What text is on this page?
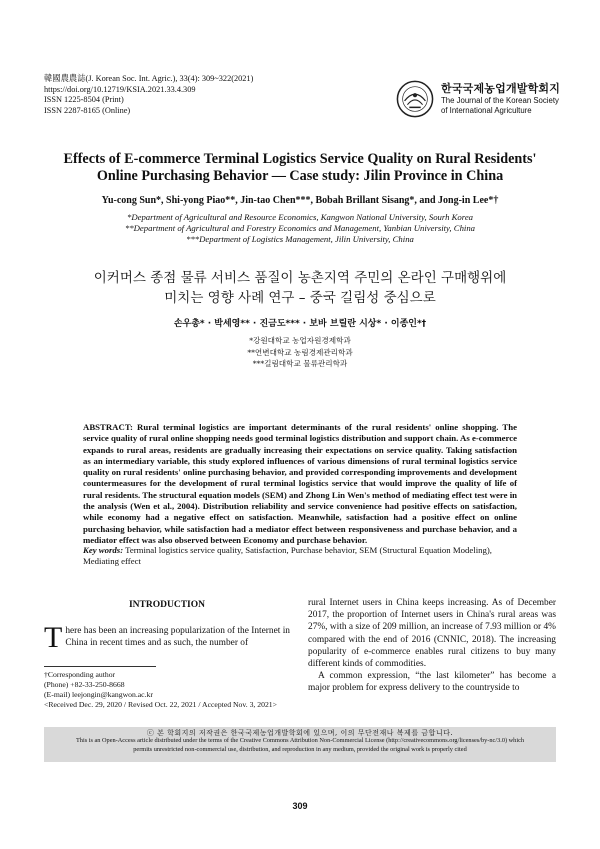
韓國農農誌(J. Korean Soc. Int. Agric.), 33(4): 309~322(2021)
https://doi.org/10.12719/KSIA.2021.33.4.309
ISSN 1225-8504 (Print)
ISSN 2287-8165 (Online)
한국국제농업개발학회지
The Journal of the Korean Society
of International Agriculture
Effects of E-commerce Terminal Logistics Service Quality on Rural Residents'
Online Purchasing Behavior — Case study: Jilin Province in China
Yu-cong Sun*, Shi-yong Piao**, Jin-tao Chen***, Bobah Brillant Sisang*, and Jong-in Lee*†
*Department of Agricultural and Resource Economics, Kangwon National University, Sourh Korea
**Department of Agricultural and Forestry Economics and Management, Yanbian University, China
***Department of Logistics Management, Jilin University, China
이커머스 종점 물류 서비스 품질이 농촌지역 주민의 온라인 구매행위에
미치는 영향 사례 연구 – 중국 길림성 중심으로
손우총* · 박세영** · 진금도*** · 보바 브릴란 시상* · 이종인*†
*강원대학교 농업자원경제학과
**연변대학교 농림경제관리학과
***길림대학교 물류관리학과
ABSTRACT: Rural terminal logistics are important determinants of the rural residents' online shopping. The service quality of rural online shopping needs good terminal logistics distribution and support chain. As e-commerce expands to rural areas, residents are gradually increasing their expectations on service quality. Taking satisfaction as an intermediary variable, this study explored influences of various dimensions of rural terminal logistics service quality on rural residents' online purchasing behavior, and provided corresponding improvements and development countermeasures for the development of rural terminal logistics service that would improve the quality of life of rural residents. The structural equation models (SEM) and Zhong Lin Wen's method of mediating effect test were in the analysis (Wen et al., 2004). Distribution reliability and service convenience had positive effects on satisfaction, while economy had a negative effect on satisfaction. Meanwhile, satisfaction had a positive effect on online purchasing behavior, while satisfaction had a mediator effect between responsiveness and purchase behavior, and a mediator effect was also observed between Economy and purchase behavior.
Key words: Terminal logistics service quality, Satisfaction, Purchase behavior, SEM (Structural Equation Modeling), Mediating effect
INTRODUCTION
There has been an increasing popularization of the Internet in China in recent times and as such, the number of

rural Internet users in China keeps increasing. As of December 2017, the proportion of Internet users in China's rural areas was 27%, with a size of 209 million, an increase of 7.93 million or 4% compared with the end of 2016 (CNNIC, 2018). The increasing popularity of e-commerce enables rural citizens to buy many different kinds of commodities.

A common expression, “the last kilometer” has become a major problem for express delivery to the countryside to

†Corresponding author
(Phone) +82-33-250-8668
(E-mail) leejongin@kangwon.ac.kr
<Received Dec. 29, 2020 / Revised Oct. 22, 2021 / Accepted Nov. 3, 2021>
ⓒ 본 학회지의 저작권은 한국국제농업개발학회에 있으며, 이의 무단전재나 복제를 금합니다.
This is an Open-Access article distributed under the terms of the Creative Commons Attribution Non-Commercial License (http://creativecommons.org/licenses/by-nc/3.0) which
permits unrestricted non-commercial use, distribution, and reproduction in any medium, provided the original work is properly cited
309
